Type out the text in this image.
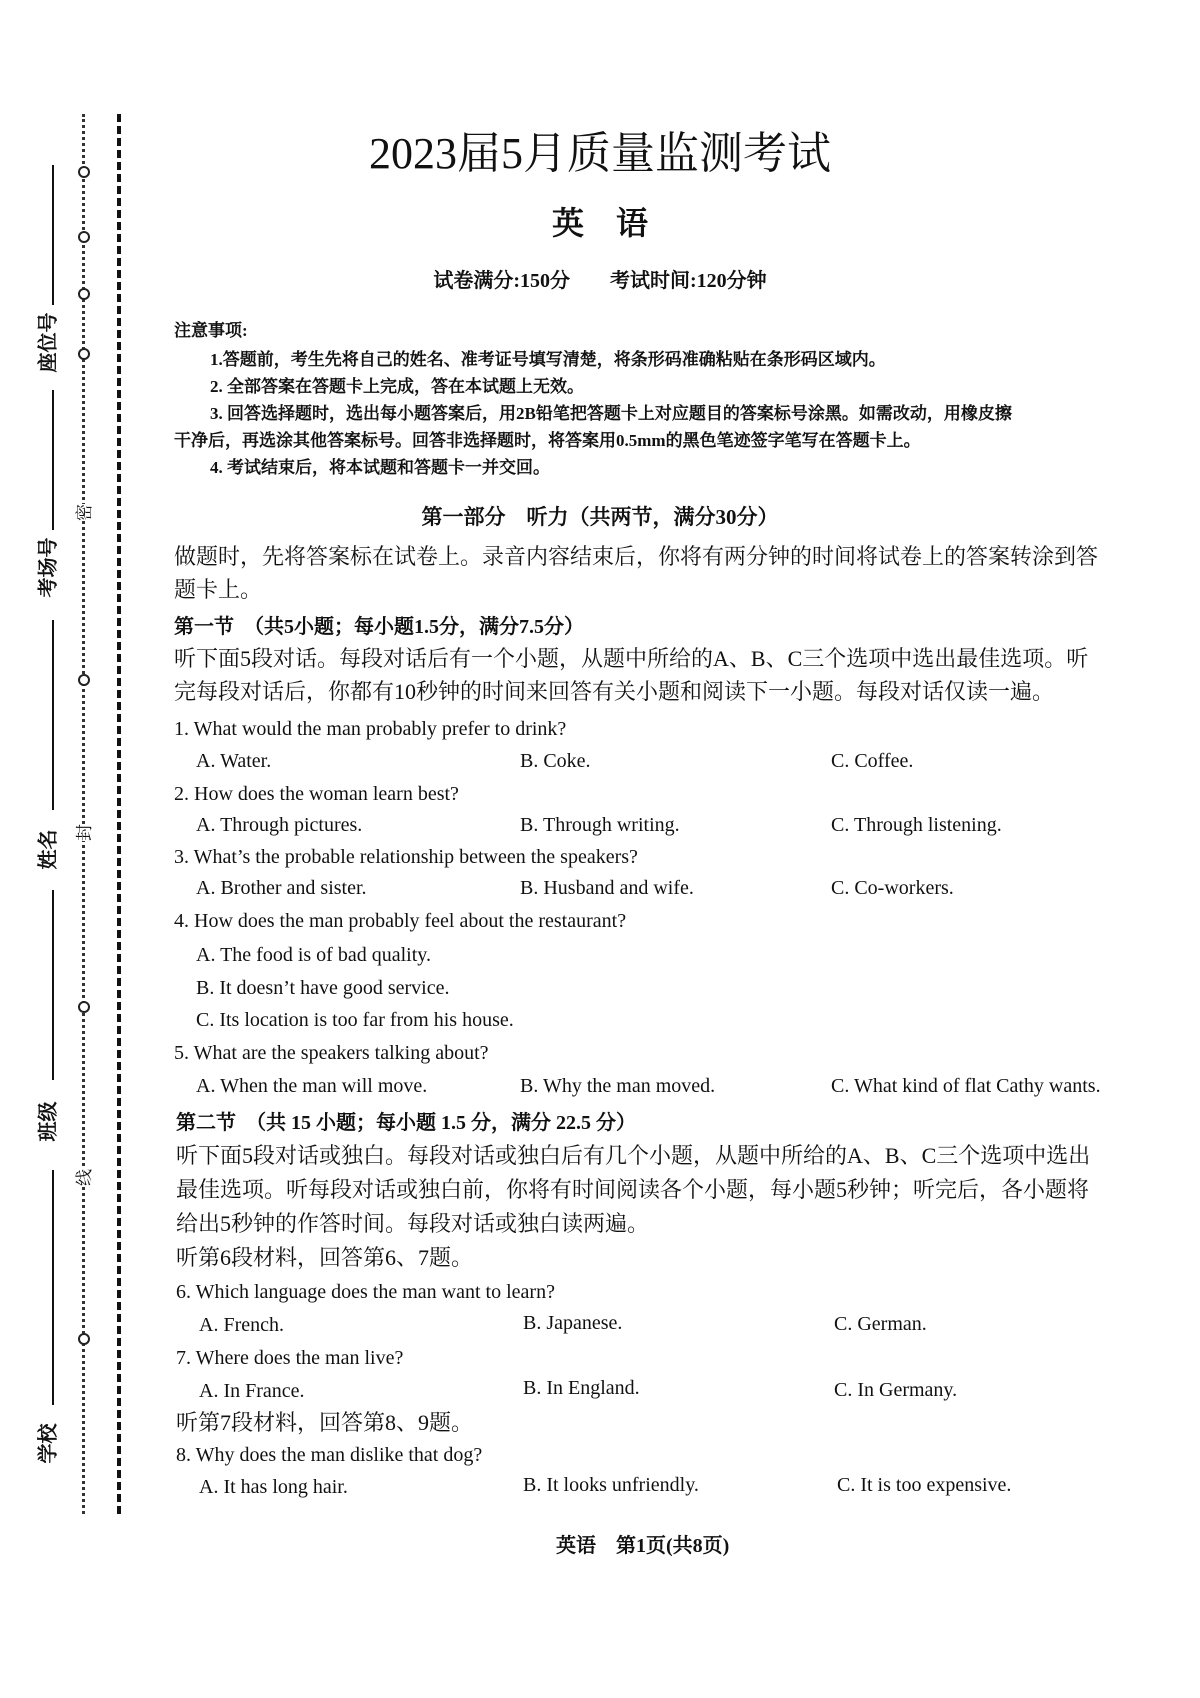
密
封
线
座位号
考场号
姓名
班级
学校
2023届5月质量监测考试
英　语
试卷满分:150分　　考试时间:120分钟
注意事项:
1.答题前，考生先将自己的姓名、准考证号填写清楚，将条形码准确粘贴在条形码区域内。
2. 全部答案在答题卡上完成，答在本试题上无效。
3. 回答选择题时，选出每小题答案后，用2B铅笔把答题卡上对应题目的答案标号涂黑。如需改动，用橡皮擦
干净后，再选涂其他答案标号。回答非选择题时，将答案用0.5mm的黑色笔迹签字笔写在答题卡上。
4. 考试结束后，将本试题和答题卡一并交回。
第一部分　听力（共两节，满分30分）
做题时，先将答案标在试卷上。录音内容结束后，你将有两分钟的时间将试卷上的答案转涂到答
题卡上。
第一节　（共5小题；每小题1.5分，满分7.5分）
听下面5段对话。每段对话后有一个小题，从题中所给的A、B、C三个选项中选出最佳选项。听
完每段对话后，你都有10秒钟的时间来回答有关小题和阅读下一小题。每段对话仅读一遍。
1. What would the man probably prefer to drink?
A. Water.	B. Coke.	C. Coffee.
2. How does the woman learn best?
A. Through pictures.	B. Through writing.	C. Through listening.
3. What’s the probable relationship between the speakers?
A. Brother and sister.	B. Husband and wife.	C. Co-workers.
4. How does the man probably feel about the restaurant?
A. The food is of bad quality.
B. It doesn’t have good service.
C. Its location is too far from his house.
5. What are the speakers talking about?
A. When the man will move.	B. Why the man moved.	C. What kind of flat Cathy wants.
第二节　（共 15 小题；每小题 1.5 分，满分 22.5 分）
听下面5段对话或独白。每段对话或独白后有几个小题，从题中所给的A、B、C三个选项中选出
最佳选项。听每段对话或独白前，你将有时间阅读各个小题，每小题5秒钟；听完后，各小题将
给出5秒钟的作答时间。每段对话或独白读两遍。
听第6段材料，回答第6、7题。
6. Which language does the man want to learn?
A. French.	B. Japanese.	C. German.
7. Where does the man live?
A. In France.	B. In England.	C. In Germany.
听第7段材料，回答第8、9题。
8. Why does the man dislike that dog?
A. It has long hair.	B. It looks unfriendly.	C. It is too expensive.
英语　第1页(共8页)
